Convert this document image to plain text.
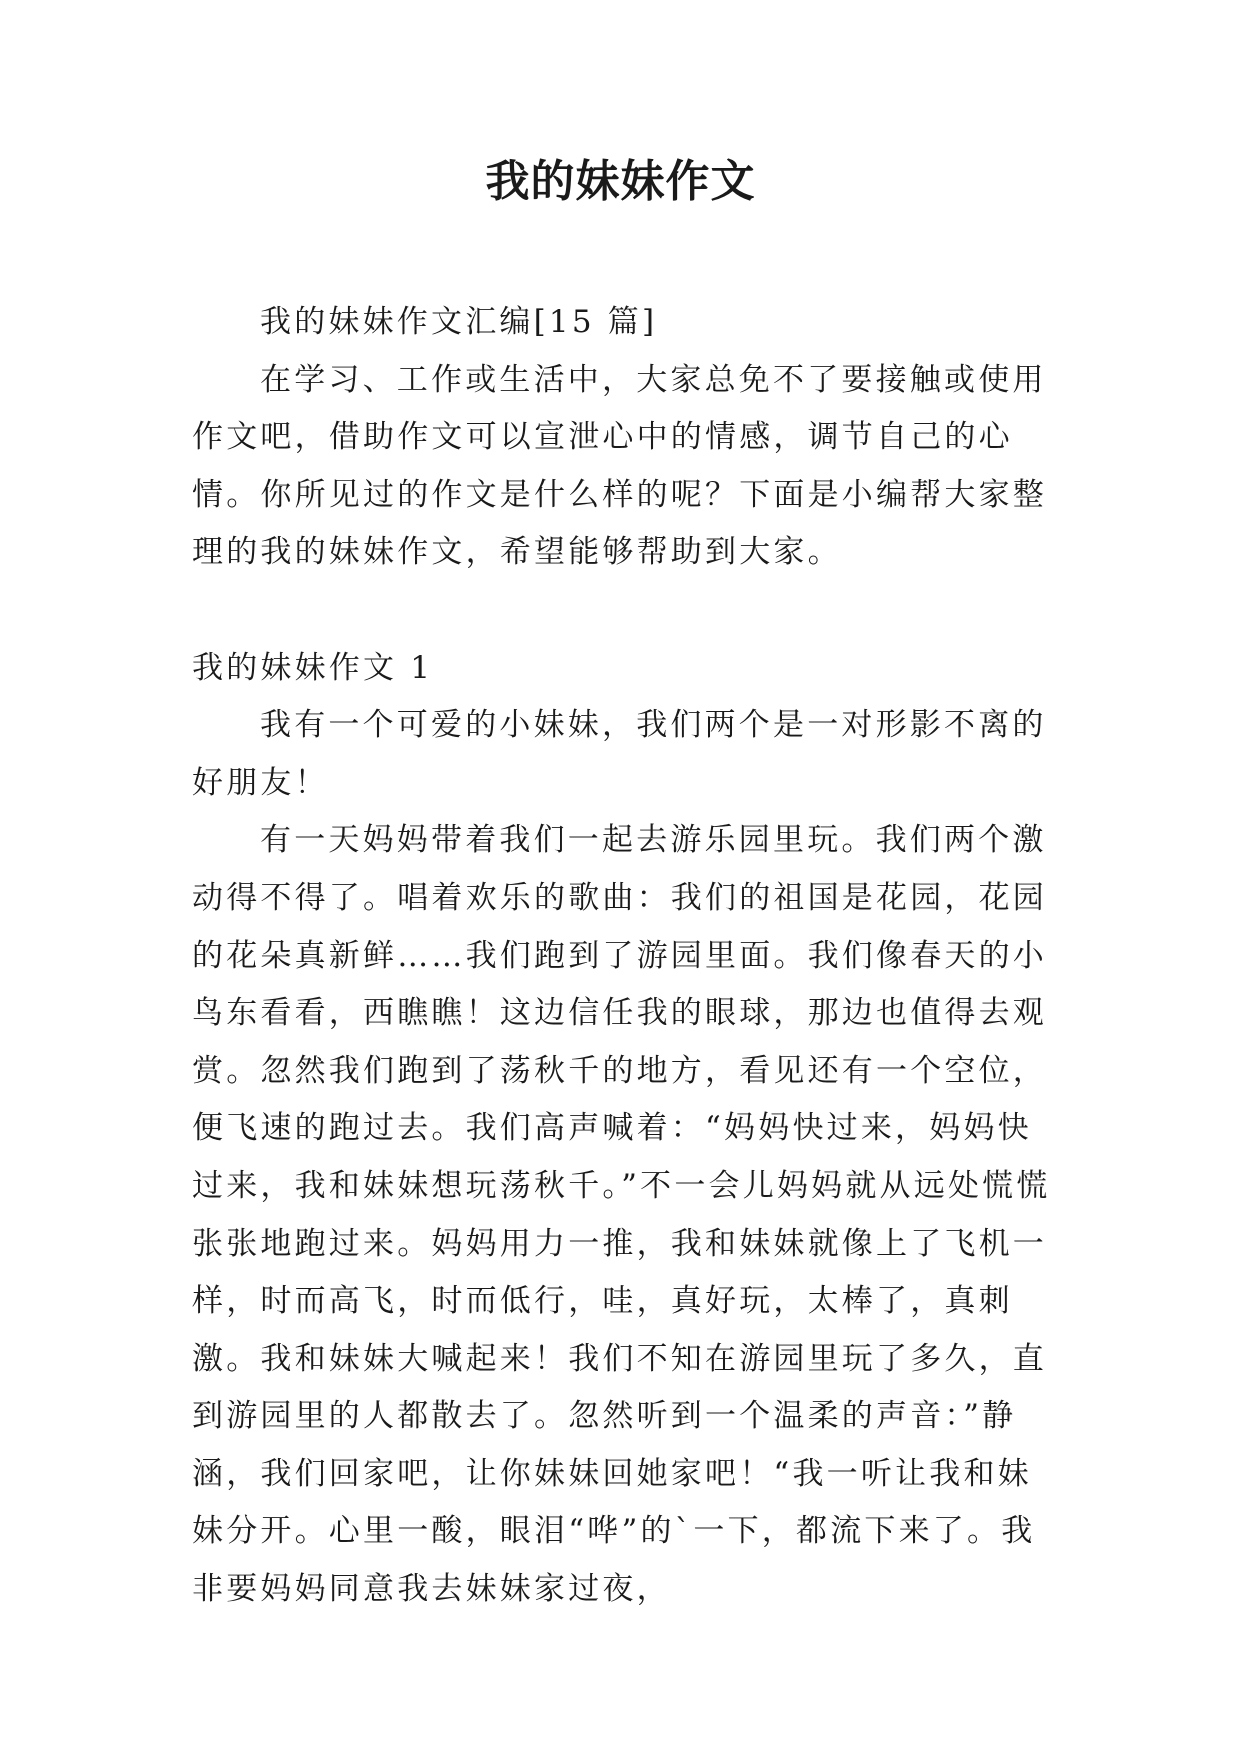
我的妹妹作文

我的妹妹作文汇编[15 篇]

在学习、工作或生活中，大家总免不了要接触或使用作文吧，借助作文可以宣泄心中的情感，调节自己的心情。你所见过的作文是什么样的呢？下面是小编帮大家整理的我的妹妹作文，希望能够帮助到大家。

我的妹妹作文 1

我有一个可爱的小妹妹，我们两个是一对形影不离的好朋友！

有一天妈妈带着我们一起去游乐园里玩。我们两个激动得不得了。唱着欢乐的歌曲：我们的祖国是花园，花园的花朵真新鲜……我们跑到了游园里面。我们像春天的小鸟东看看，西瞧瞧！这边信任我的眼球，那边也值得去观赏。忽然我们跑到了荡秋千的地方，看见还有一个空位，便飞速的跑过去。我们高声喊着：“妈妈快过来，妈妈快过来，我和妹妹想玩荡秋千。”不一会儿妈妈就从远处慌慌张张地跑过来。妈妈用力一推，我和妹妹就像上了飞机一样，时而高飞，时而低行，哇，真好玩，太棒了，真刺激。我和妹妹大喊起来！我们不知在游园里玩了多久，直到游园里的人都散去了。忽然听到一个温柔的声音：”静涵，我们回家吧，让你妹妹回她家吧！“我一听让我和妹妹分开。心里一酸，眼泪“哗”的`一下，都流下来了。我非要妈妈同意我去妹妹家过夜，
